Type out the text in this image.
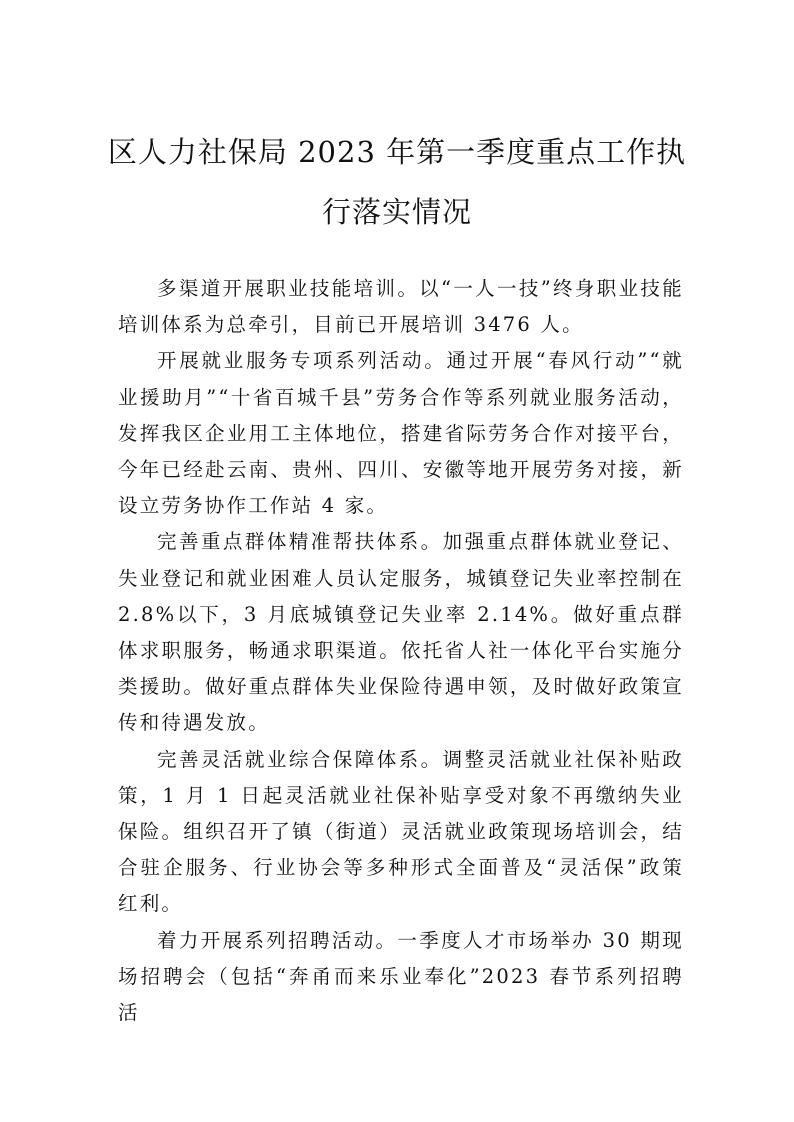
区人力社保局 2023 年第一季度重点工作执
行落实情况

多渠道开展职业技能培训。以“一人一技”终身职业技能培训体系为总牵引，目前已开展培训 3476 人。

开展就业服务专项系列活动。通过开展“春风行动”“就业援助月”“十省百城千县”劳务合作等系列就业服务活动，发挥我区企业用工主体地位，搭建省际劳务合作对接平台， 今年已经赴云南、贵州、四川、安徽等地开展劳务对接，新设立劳务协作工作站 4 家。

完善重点群体精准帮扶体系。加强重点群体就业登记、失业登记和就业困难人员认定服务，城镇登记失业率控制在 2.8%以下，3 月底城镇登记失业率 2.14%。做好重点群体求职服务，畅通求职渠道。依托省人社一体化平台实施分类援助。做好重点群体失业保险待遇申领，及时做好政策宣传和待遇发放。

完善灵活就业综合保障体系。调整灵活就业社保补贴政策，1 月 1 日起灵活就业社保补贴享受对象不再缴纳失业保险。组织召开了镇（街道）灵活就业政策现场培训会，结合驻企服务、行业协会等多种形式全面普及“灵活保”政策红利。

着力开展系列招聘活动。一季度人才市场举办 30 期现场招聘会（包括“奔甬而来乐业奉化”2023 春节系列招聘活
